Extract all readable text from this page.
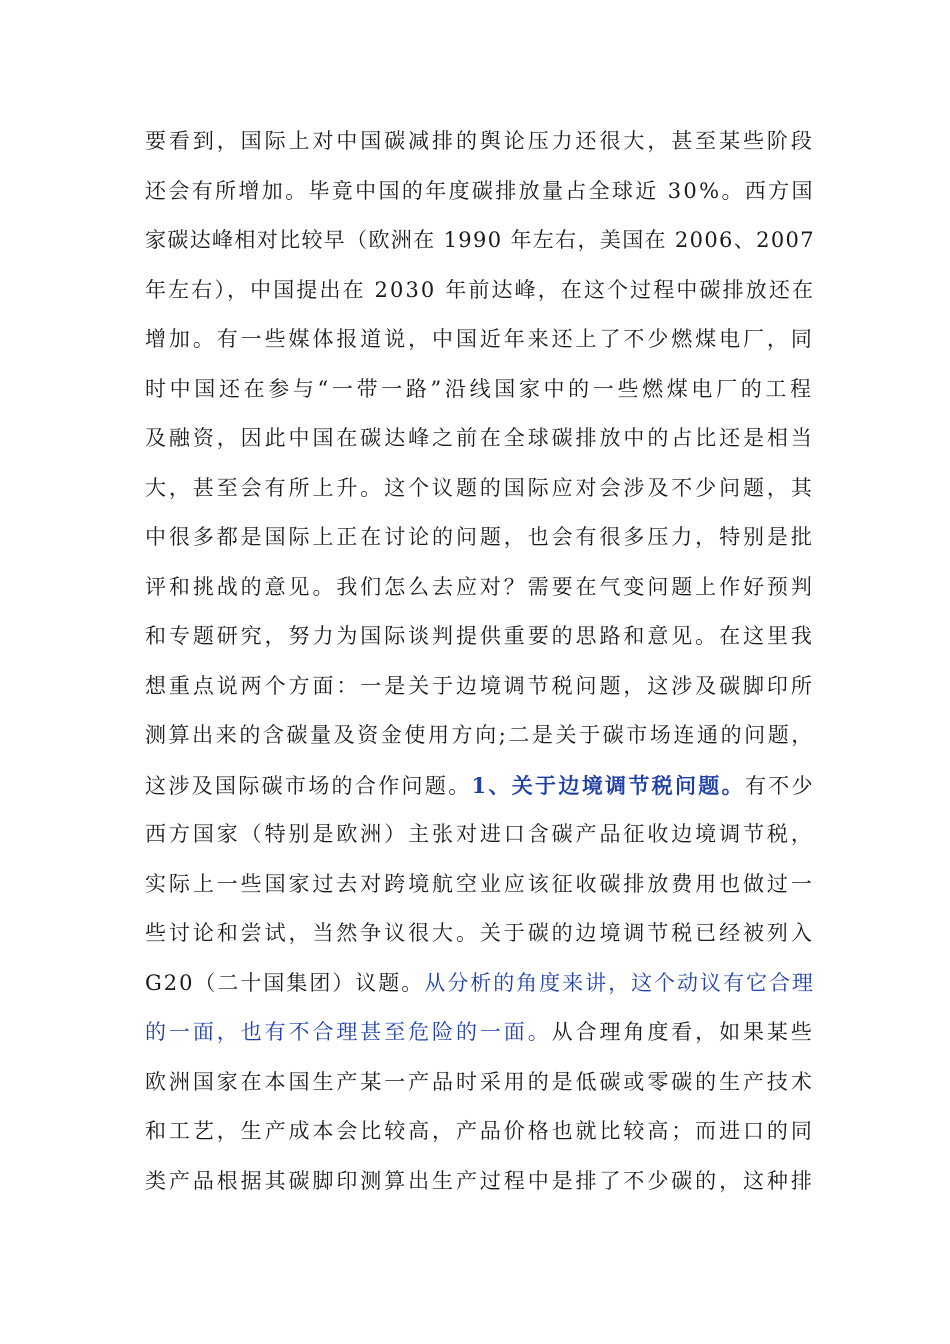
要看到，国际上对中国碳减排的舆论压力还很大，甚至某些阶段
还会有所增加。毕竟中国的年度碳排放量占全球近 30%。西方国
家碳达峰相对比较早（欧洲在 1990 年左右，美国在 2006、2007
年左右），中国提出在 2030 年前达峰，在这个过程中碳排放还在
增加。有一些媒体报道说，中国近年来还上了不少燃煤电厂，同
时中国还在参与“一带一路”沿线国家中的一些燃煤电厂的工程
及融资，因此中国在碳达峰之前在全球碳排放中的占比还是相当
大，甚至会有所上升。这个议题的国际应对会涉及不少问题，其
中很多都是国际上正在讨论的问题，也会有很多压力，特别是批
评和挑战的意见。我们怎么去应对？需要在气变问题上作好预判
和专题研究，努力为国际谈判提供重要的思路和意见。在这里我
想重点说两个方面：一是关于边境调节税问题，这涉及碳脚印所
测算出来的含碳量及资金使用方向;二是关于碳市场连通的问题，
这涉及国际碳市场的合作问题。1、关于边境调节税问题。有不少
西方国家（特别是欧洲）主张对进口含碳产品征收边境调节税，
实际上一些国家过去对跨境航空业应该征收碳排放费用也做过一
些讨论和尝试，当然争议很大。关于碳的边境调节税已经被列入
G20（二十国集团）议题。从分析的角度来讲，这个动议有它合理
的一面，也有不合理甚至危险的一面。从合理角度看，如果某些
欧洲国家在本国生产某一产品时采用的是低碳或零碳的生产技术
和工艺，生产成本会比较高，产品价格也就比较高；而进口的同
类产品根据其碳脚印测算出生产过程中是排了不少碳的，这种排
